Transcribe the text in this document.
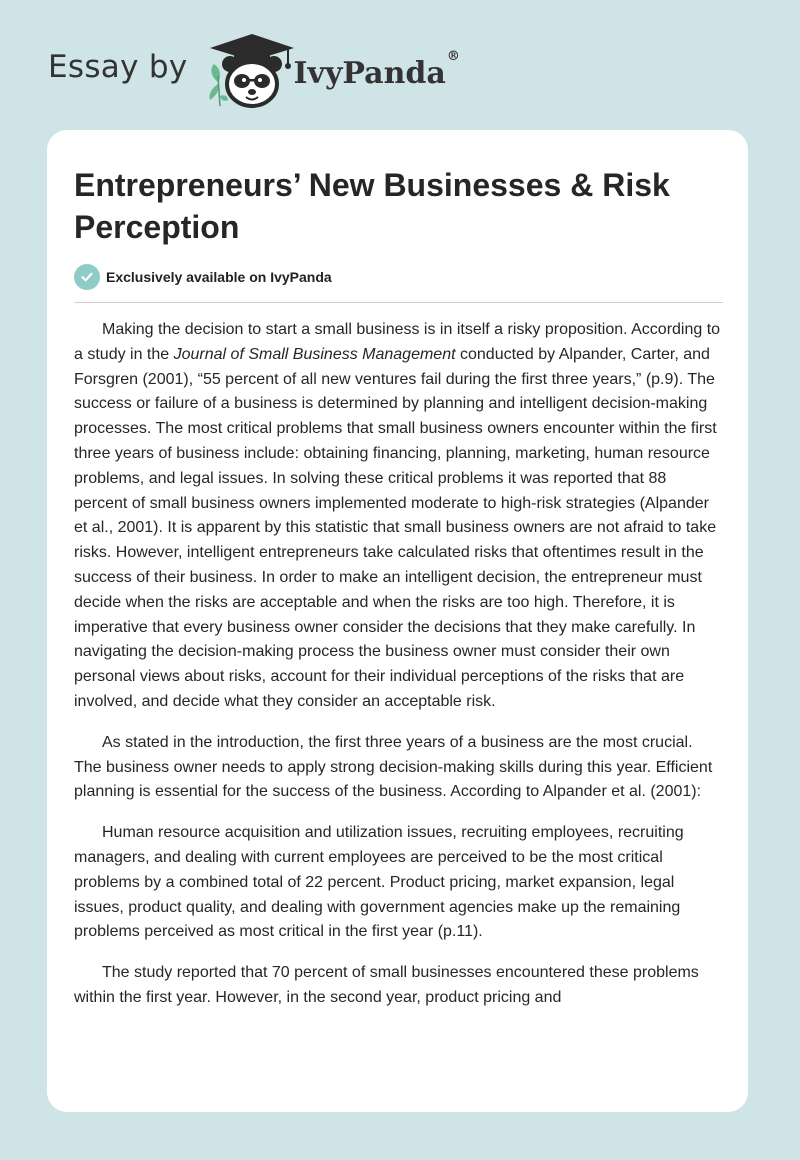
Essay by	IvyPanda®
Entrepreneurs’ New Businesses & Risk Perception
Exclusively available on IvyPanda

Making the decision to start a small business is in itself a risky proposition. According to a study in the Journal of Small Business Management conducted by Alpander, Carter, and Forsgren (2001), “55 percent of all new ventures fail during the first three years,” (p.9). The success or failure of a business is determined by planning and intelligent decision-making processes. The most critical problems that small business owners encounter within the first three years of business include: obtaining financing, planning, marketing, human resource problems, and legal issues. In solving these critical problems it was reported that 88 percent of small business owners implemented moderate to high-risk strategies (Alpander et al., 2001). It is apparent by this statistic that small business owners are not afraid to take risks. However, intelligent entrepreneurs take calculated risks that oftentimes result in the success of their business. In order to make an intelligent decision, the entrepreneur must decide when the risks are acceptable and when the risks are too high. Therefore, it is imperative that every business owner consider the decisions that they make carefully. In navigating the decision-making process the business owner must consider their own personal views about risks, account for their individual perceptions of the risks that are involved, and decide what they consider an acceptable risk.

As stated in the introduction, the first three years of a business are the most crucial. The business owner needs to apply strong decision-making skills during this year. Efficient planning is essential for the success of the business. According to Alpander et al. (2001):

Human resource acquisition and utilization issues, recruiting employees, recruiting managers, and dealing with current employees are perceived to be the most critical problems by a combined total of 22 percent. Product pricing, market expansion, legal issues, product quality, and dealing with government agencies make up the remaining problems perceived as most critical in the first year (p.11).

The study reported that 70 percent of small businesses encountered these problems within the first year. However, in the second year, product pricing and
